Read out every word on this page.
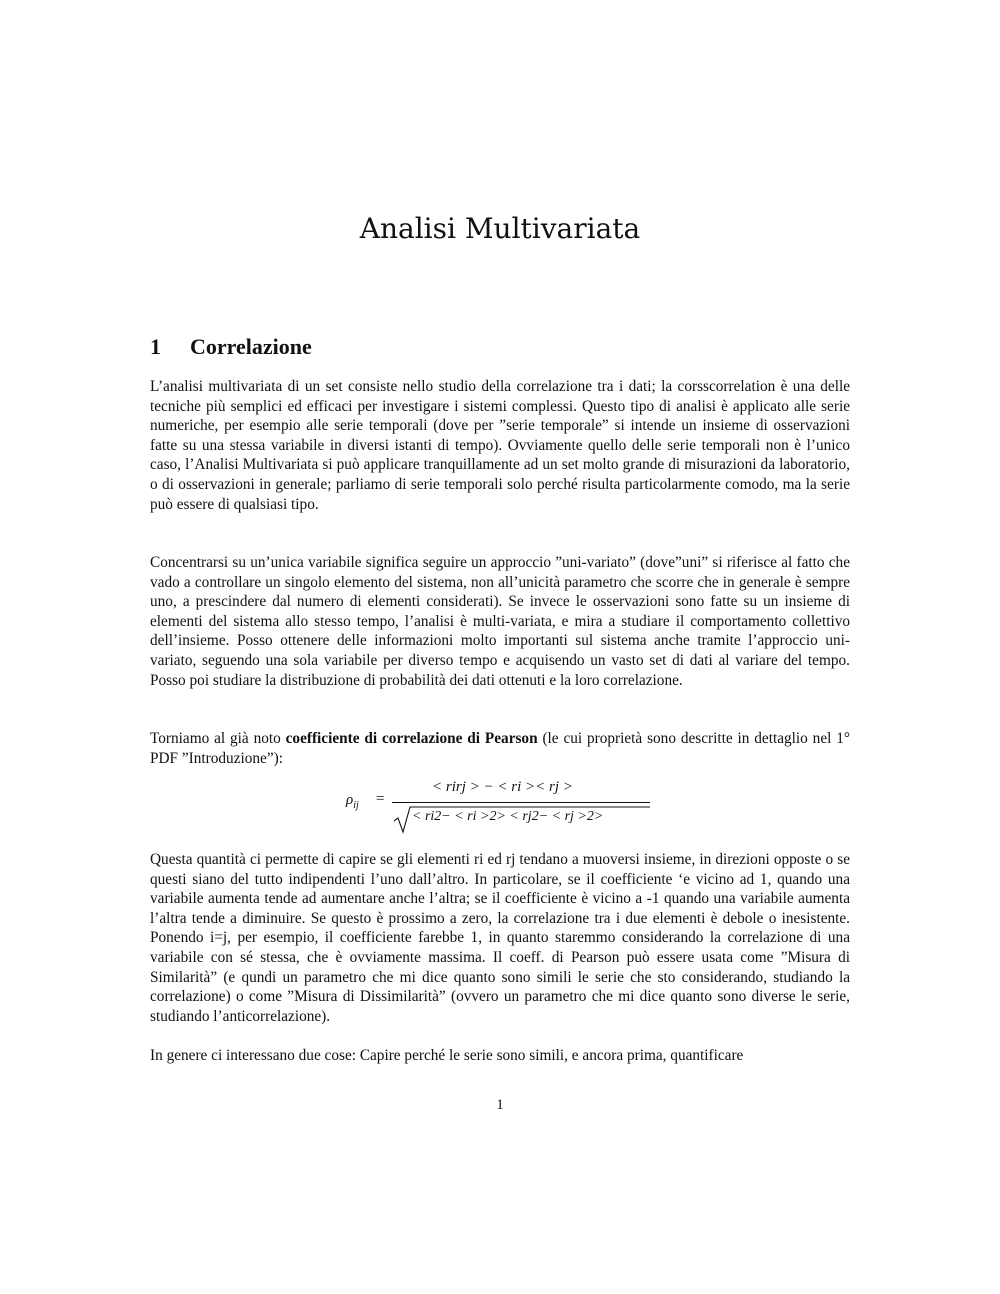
Analisi Multivariata
1 Correlazione

L’analisi multivariata di un set consiste nello studio della correlazione tra i dati; la corsscorrelation è una delle tecniche più semplici ed efficaci per investigare i sistemi complessi. Questo tipo di analisi è applicato alle serie numeriche, per esempio alle serie temporali (dove per ”serie temporale” si intende un insieme di osservazioni fatte su una stessa variabile in diversi istanti di tempo). Ovviamente quello delle serie temporali non è l’unico caso, l’Analisi Multivariata si può applicare tranquillamente ad un set molto grande di misurazioni da laboratorio, o di osservazioni in generale; parliamo di serie temporali solo perché risulta particolarmente comodo, ma la serie può essere di qualsiasi tipo.

Concentrarsi su un’unica variabile significa seguire un approccio ”uni-variato” (dove”uni” si riferisce al fatto che vado a controllare un singolo elemento del sistema, non all’unicità parametro che scorre che in generale è sempre uno, a prescindere dal numero di elementi considerati). Se invece le osservazioni sono fatte su un insieme di elementi del sistema allo stesso tempo, l’analisi è multi-variata, e mira a studiare il comportamento collettivo dell’insieme. Posso ottenere delle informazioni molto importanti sul sistema anche tramite l’approccio uni-variato, seguendo una sola variabile per diverso tempo e acquisendo un vasto set di dati al variare del tempo. Posso poi studiare la distribuzione di probabilità dei dati ottenuti e la loro correlazione.

Torniamo al già noto coefficiente di correlazione di Pearson (le cui proprietà sono descritte in dettaglio nel 1° PDF ”Introduzione”):

$\rho_{ij}$ =
< rirj > − < ri >< rj >
< ri2− < ri >2> < rj2− < rj >2>

Questa quantità ci permette di capire se gli elementi ri ed rj tendano a muoversi insieme, in direzioni opposte o se questi siano del tutto indipendenti l’uno dall’altro. In particolare, se il coefficiente ‘e vicino ad 1, quando una variabile aumenta tende ad aumentare anche l’altra; se il coefficiente è vicino a -1 quando una variabile aumenta l’altra tende a diminuire. Se questo è prossimo a zero, la correlazione tra i due elementi è debole o inesistente. Ponendo i=j, per esempio, il coefficiente farebbe 1, in quanto staremmo considerando la correlazione di una variabile con sé stessa, che è ovviamente massima. Il coeff. di Pearson può essere usata come ”Misura di Similarità” (e qundi un parametro che mi dice quanto sono simili le serie che sto considerando, studiando la correlazione) o come ”Misura di Dissimilarità” (ovvero un parametro che mi dice quanto sono diverse le serie, studiando l’anticorrelazione).

In genere ci interessano due cose: Capire perché le serie sono simili, e ancora prima, quantificare

1
